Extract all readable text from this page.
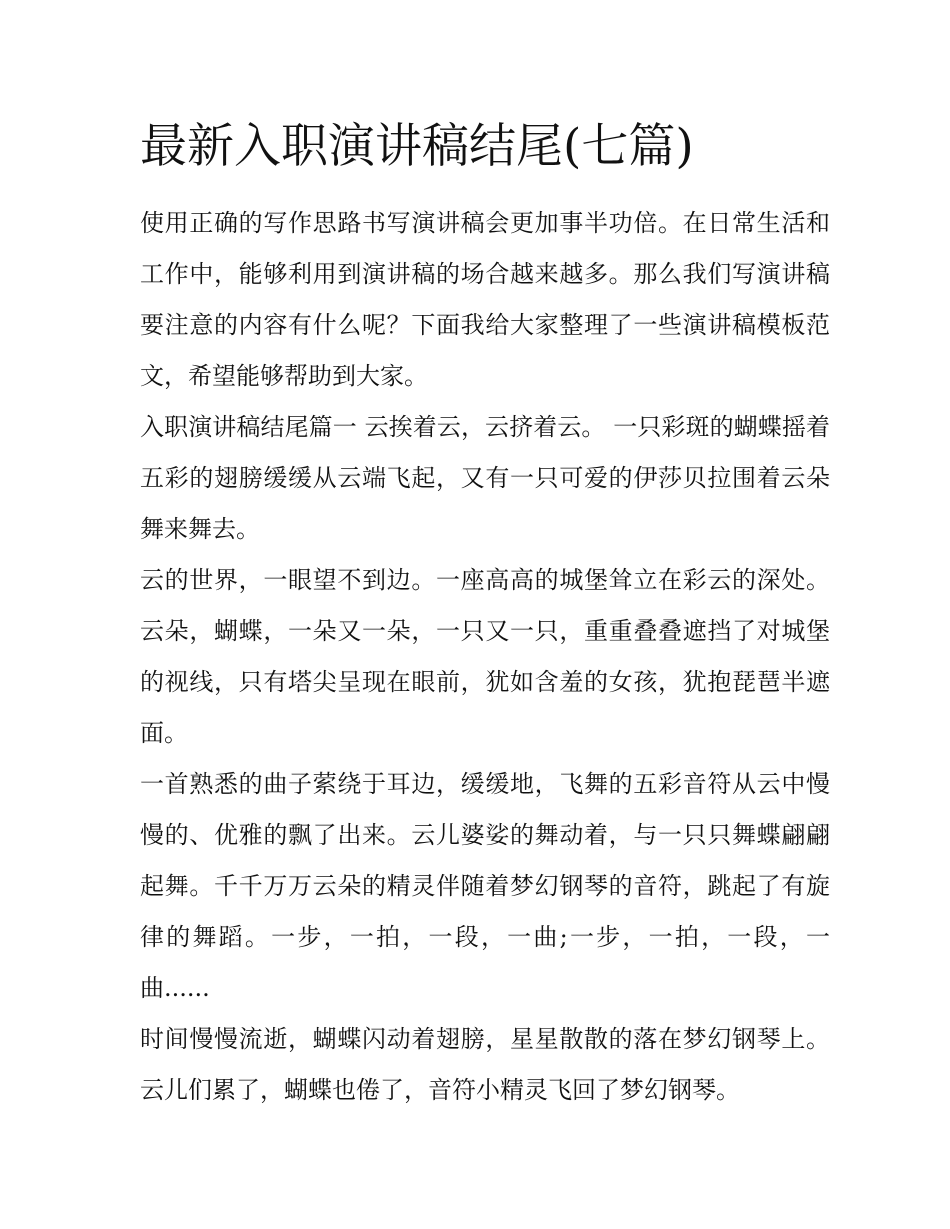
最新入职演讲稿结尾(七篇)

使用正确的写作思路书写演讲稿会更加事半功倍。在日常生活和工作中，能够利用到演讲稿的场合越来越多。那么我们写演讲稿要注意的内容有什么呢？下面我给大家整理了一些演讲稿模板范文，希望能够帮助到大家。

入职演讲稿结尾篇一 云挨着云，云挤着云。 一只彩斑的蝴蝶摇着五彩的翅膀缓缓从云端飞起，又有一只可爱的伊莎贝拉围着云朵舞来舞去。

云的世界，一眼望不到边。一座高高的城堡耸立在彩云的深处。云朵，蝴蝶，一朵又一朵，一只又一只，重重叠叠遮挡了对城堡的视线，只有塔尖呈现在眼前，犹如含羞的女孩，犹抱琵琶半遮面。

一首熟悉的曲子萦绕于耳边，缓缓地，飞舞的五彩音符从云中慢慢的、优雅的飘了出来。云儿婆娑的舞动着，与一只只舞蝶翩翩起舞。千千万万云朵的精灵伴随着梦幻钢琴的音符，跳起了有旋律的舞蹈。一步，一拍，一段，一曲;一步，一拍，一段，一曲......

时间慢慢流逝，蝴蝶闪动着翅膀，星星散散的落在梦幻钢琴上。云儿们累了，蝴蝶也倦了，音符小精灵飞回了梦幻钢琴。
